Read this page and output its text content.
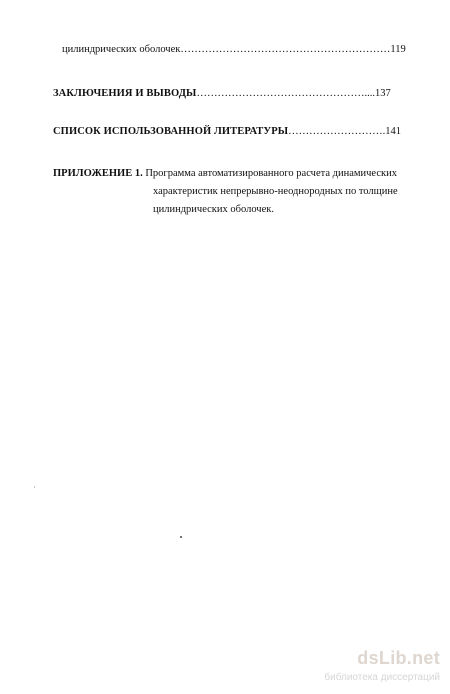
цилиндрических оболочек……………………………………………………119
ЗАКЛЮЧЕНИЯ И ВЫВОДЫ…………………………………………....137
СПИСОК ИСПОЛЬЗОВАННОЙ ЛИТЕРАТУРЫ……………………….141
ПРИЛОЖЕНИЕ 1. Программа автоматизированного расчета динамических
характеристик непрерывно-неоднородных по толщине
цилиндрических оболочек.
dsLib.net
библиотека диссертаций
